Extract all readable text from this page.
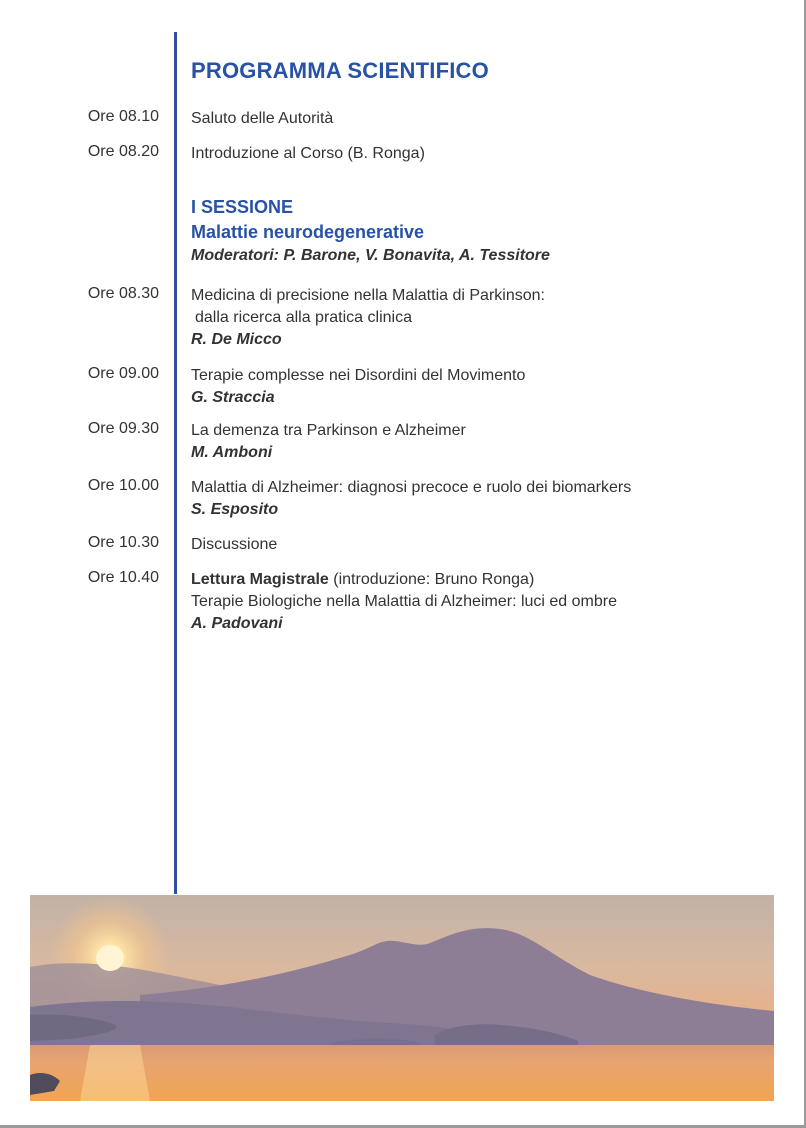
PROGRAMMA SCIENTIFICO
Ore 08.10 Saluto delle Autorità
Ore 08.20 Introduzione al Corso (B. Ronga)
I SESSIONE
Malattie neurodegenerative
Moderatori: P. Barone, V. Bonavita, A. Tessitore
Ore 08.30 Medicina di precisione nella Malattia di Parkinson:
dalla ricerca alla pratica clinica
R. De Micco
Ore 09.00 Terapie complesse nei Disordini del Movimento
G. Straccia
Ore 09.30 La demenza tra Parkinson e Alzheimer
M. Amboni
Ore 10.00 Malattia di Alzheimer: diagnosi precoce e ruolo dei biomarkers
S. Esposito
Ore 10.30 Discussione
Ore 10.40 Lettura Magistrale (introduzione: Bruno Ronga)
Terapie Biologiche nella Malattia di Alzheimer: luci ed ombre
A. Padovani
